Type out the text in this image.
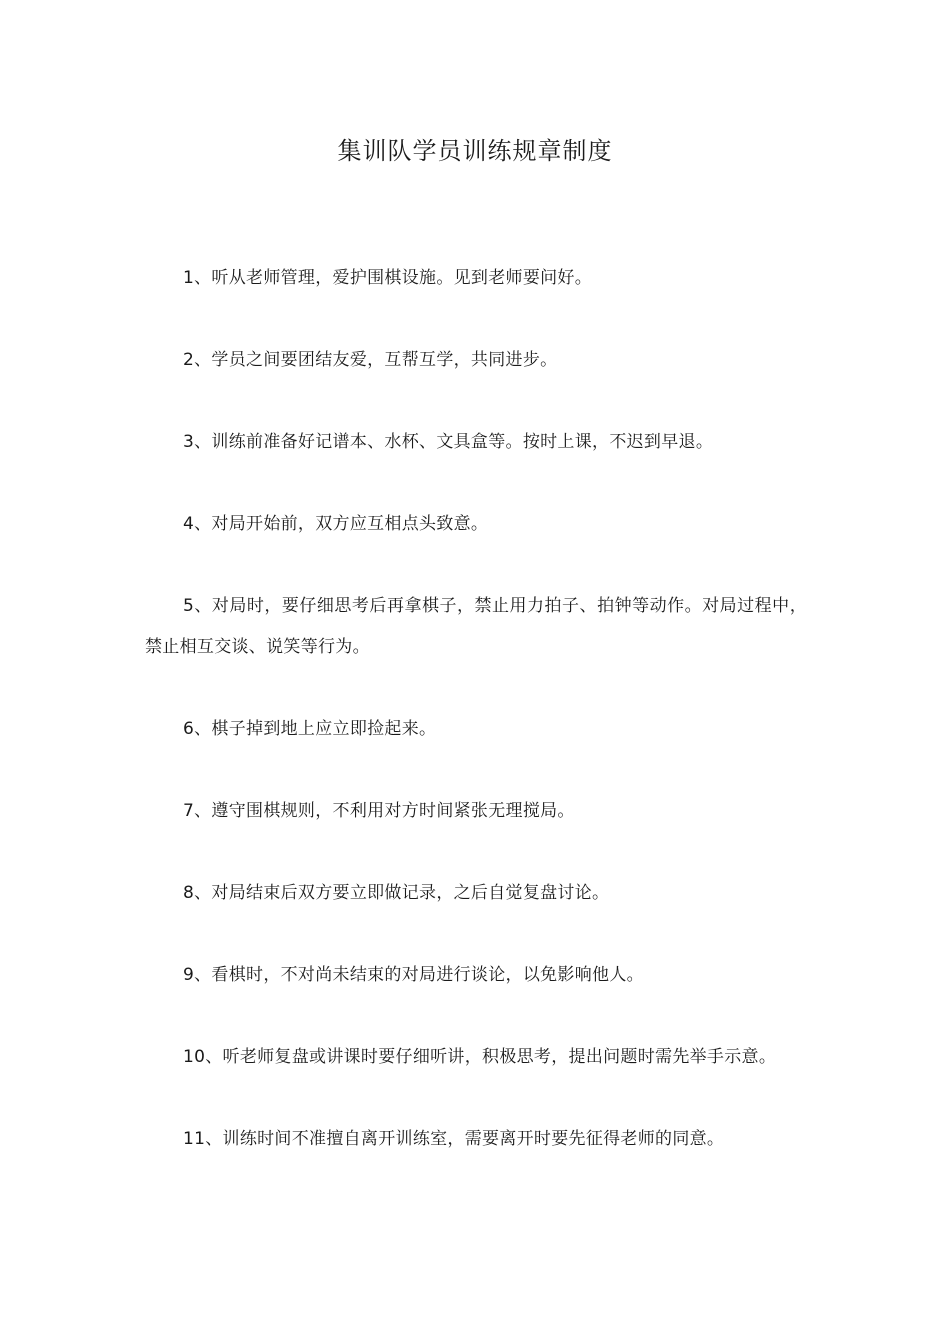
集训队学员训练规章制度
1、听从老师管理，爱护围棋设施。见到老师要问好。
2、学员之间要团结友爱，互帮互学，共同进步。
3、训练前准备好记谱本、水杯、文具盒等。按时上课，不迟到早退。
4、对局开始前，双方应互相点头致意。
5、对局时，要仔细思考后再拿棋子，禁止用力拍子、拍钟等动作。对局过程中，禁止相互交谈、说笑等行为。
6、棋子掉到地上应立即捡起来。
7、遵守围棋规则，不利用对方时间紧张无理搅局。
8、对局结束后双方要立即做记录，之后自觉复盘讨论。
9、看棋时，不对尚未结束的对局进行谈论，以免影响他人。
10、听老师复盘或讲课时要仔细听讲，积极思考，提出问题时需先举手示意。
11、训练时间不准擅自离开训练室，需要离开时要先征得老师的同意。
